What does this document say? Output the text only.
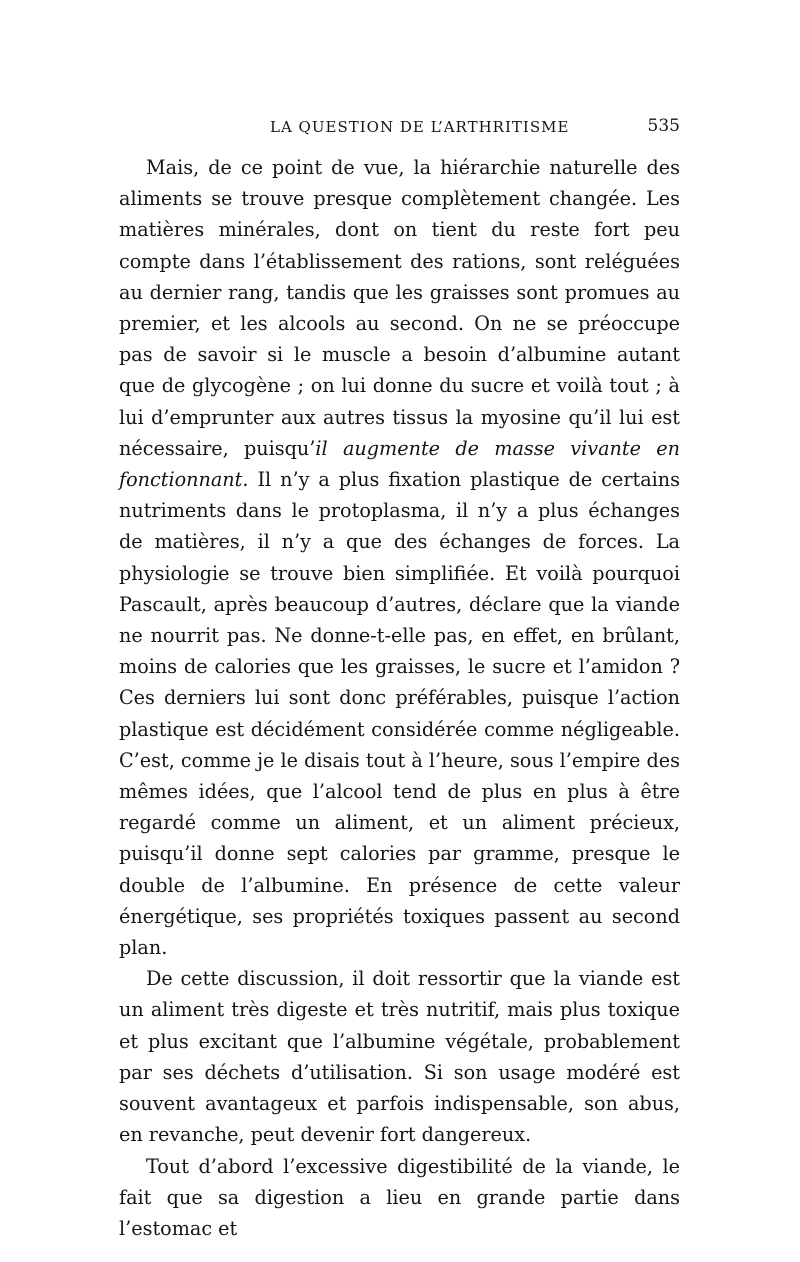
LA QUESTION DE L’ARTHRITISME	535

Mais, de ce point de vue, la hiérarchie naturelle des aliments se trouve presque complètement changée. Les matières minérales, dont on tient du reste fort peu compte dans l’établissement des rations, sont reléguées au dernier rang, tandis que les graisses sont promues au premier, et les alcools au second. On ne se préoccupe pas de savoir si le muscle a besoin d’albumine autant que de glycogène ; on lui donne du sucre et voilà tout ; à lui d’emprunter aux autres tissus la myosine qu’il lui est nécessaire, puisqu’il augmente de masse vivante en fonctionnant. Il n’y a plus fixation plastique de certains nutriments dans le protoplasma, il n’y a plus échanges de matières, il n’y a que des échanges de forces. La physiologie se trouve bien simplifiée. Et voilà pourquoi Pascault, après beaucoup d’autres, déclare que la viande ne nourrit pas. Ne donne-t-elle pas, en effet, en brûlant, moins de calories que les graisses, le sucre et l’amidon ? Ces derniers lui sont donc préférables, puisque l’action plastique est décidément considérée comme négligeable. C’est, comme je le disais tout à l’heure, sous l’empire des mêmes idées, que l’alcool tend de plus en plus à être regardé comme un aliment, et un aliment précieux, puisqu’il donne sept calories par gramme, presque le double de l’albumine. En présence de cette valeur énergétique, ses propriétés toxiques passent au second plan.

De cette discussion, il doit ressortir que la viande est un aliment très digeste et très nutritif, mais plus toxique et plus excitant que l’albumine végétale, probablement par ses déchets d’utilisation. Si son usage modéré est souvent avantageux et parfois indispensable, son abus, en revanche, peut devenir fort dangereux.

Tout d’abord l’excessive digestibilité de la viande, le fait que sa digestion a lieu en grande partie dans l’estomac et
